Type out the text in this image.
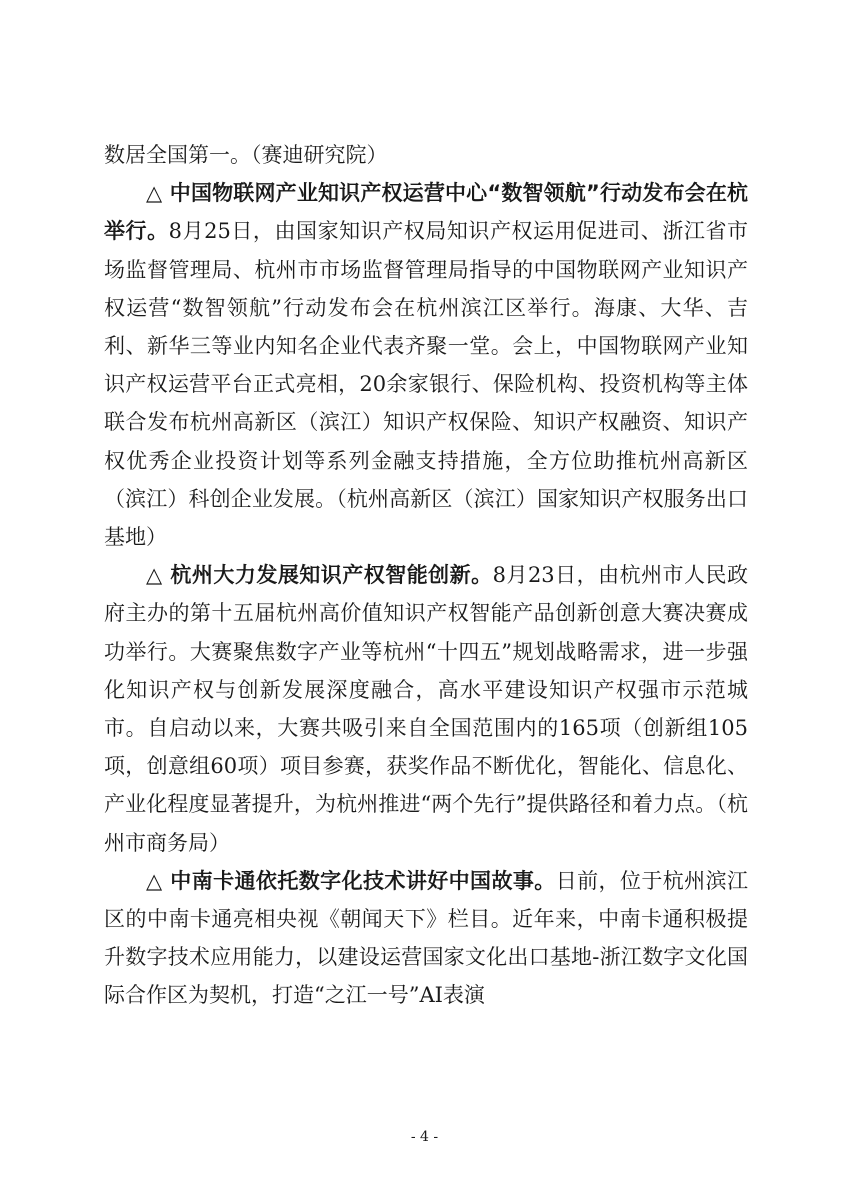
数居全国第一。（赛迪研究院）

△ 中国物联网产业知识产权运营中心“数智领航”行动发布会在杭举行。8月25日，由国家知识产权局知识产权运用促进司、浙江省市场监督管理局、杭州市市场监督管理局指导的中国物联网产业知识产权运营“数智领航”行动发布会在杭州滨江区举行。海康、大华、吉利、新华三等业内知名企业代表齐聚一堂。会上，中国物联网产业知识产权运营平台正式亮相，20余家银行、保险机构、投资机构等主体联合发布杭州高新区（滨江）知识产权保险、知识产权融资、知识产权优秀企业投资计划等系列金融支持措施，全方位助推杭州高新区（滨江）科创企业发展。（杭州高新区（滨江）国家知识产权服务出口基地）

△ 杭州大力发展知识产权智能创新。8月23日，由杭州市人民政府主办的第十五届杭州高价值知识产权智能产品创新创意大赛决赛成功举行。大赛聚焦数字产业等杭州“十四五”规划战略需求，进一步强化知识产权与创新发展深度融合，高水平建设知识产权强市示范城市。自启动以来，大赛共吸引来自全国范围内的165项（创新组105项，创意组60项）项目参赛，获奖作品不断优化，智能化、信息化、产业化程度显著提升，为杭州推进“两个先行”提供路径和着力点。（杭州市商务局）

△ 中南卡通依托数字化技术讲好中国故事。日前，位于杭州滨江区的中南卡通亮相央视《朝闻天下》栏目。近年来，中南卡通积极提升数字技术应用能力，以建设运营国家文化出口基地-浙江数字文化国际合作区为契机，打造“之江一号”AI表演

- 4 -
